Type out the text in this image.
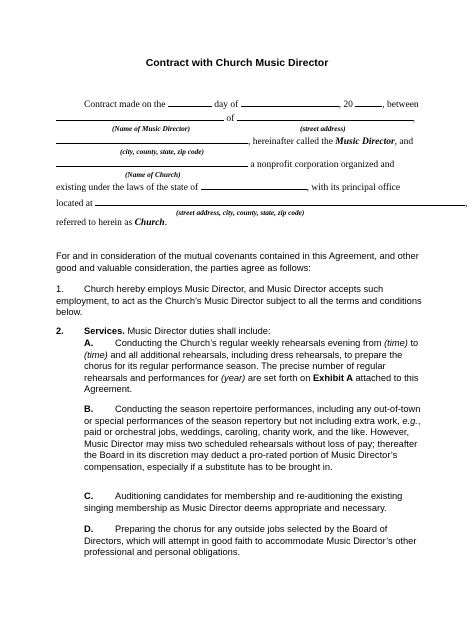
Contract with Church Music Director
Contract made on the	day of	, 20	, between
of	,
(Name of Music Director)	(street address)
, hereinafter called the Music Director, and
(city, county, state, zip code)
a nonprofit corporation organized and
(Name of Church)
existing under the laws of the state of	, with its principal office
located at	,
(street address, city, county, state, zip code)
referred to herein as Church.
For and in consideration of the mutual covenants contained in this Agreement, and other good and valuable consideration, the parties agree as follows:
1.	Church hereby employs Music Director, and Music Director accepts such employment, to act as the Church’s Music Director subject to all the terms and conditions below.
2. Services. Music Director duties shall include:
A. Conducting the Church’s regular weekly rehearsals evening from (time) to (time) and all additional rehearsals, including dress rehearsals, to prepare the chorus for its regular performance season. The precise number of regular rehearsals and performances for (year) are set forth on Exhibit A attached to this Agreement.
B. Conducting the season repertoire performances, including any out-of-town or special performances of the season repertory but not including extra work, e.g., paid or orchestral jobs, weddings, caroling, charity work, and the like. However, Music Director may miss two scheduled rehearsals without loss of pay; thereafter the Board in its discretion may deduct a pro-rated portion of Music Director’s compensation, especially if a substitute has to be brought in.
C. Auditioning candidates for membership and re-auditioning the existing singing membership as Music Director deems appropriate and necessary.
D. Preparing the chorus for any outside jobs selected by the Board of Directors, which will attempt in good faith to accommodate Music Director’s other professional and personal obligations.
